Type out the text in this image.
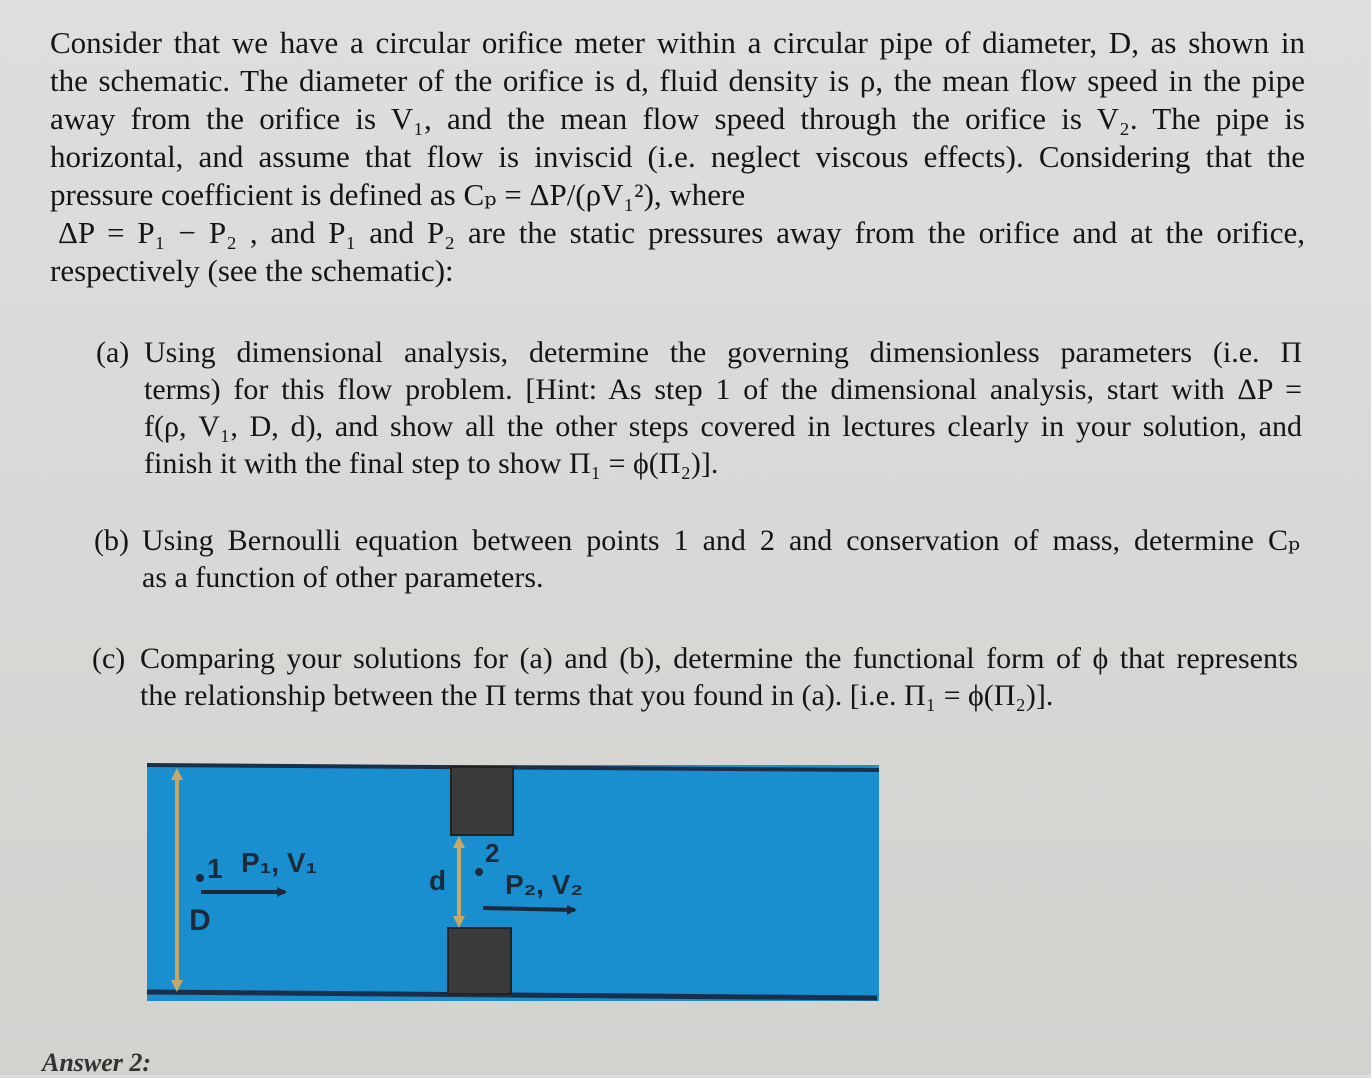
Consider that we have a circular orifice meter within a circular pipe of diameter, D, as shown in
the schematic. The diameter of the orifice is d, fluid density is ρ, the mean flow speed in the pipe
away from the orifice is V₁, and the mean flow speed through the orifice is V₂. The pipe is
horizontal, and assume that flow is inviscid (i.e. neglect viscous effects). Considering that the
pressure coefficient is defined as Cₚ = ΔP/(ρV₁²), where
ΔP = P₁ − P₂ , and P₁ and P₂ are the static pressures away from the orifice and at the orifice,
respectively (see the schematic):
(a) Using dimensional analysis, determine the governing dimensionless parameters (i.e. Π
terms) for this flow problem. [Hint: As step 1 of the dimensional analysis, start with ΔP =
f(ρ, V₁, D, d), and show all the other steps covered in lectures clearly in your solution, and
finish it with the final step to show Π₁ = ϕ(Π₂)].
(b) Using Bernoulli equation between points 1 and 2 and conservation of mass, determine Cₚ
as a function of other parameters.
(c) Comparing your solutions for (a) and (b), determine the functional form of ϕ that represents
the relationship between the Π terms that you found in (a). [i.e. Π₁ = ϕ(Π₂)].
1 P₁, V₁
D
d
2
P₂, V₂
Answer 2:
